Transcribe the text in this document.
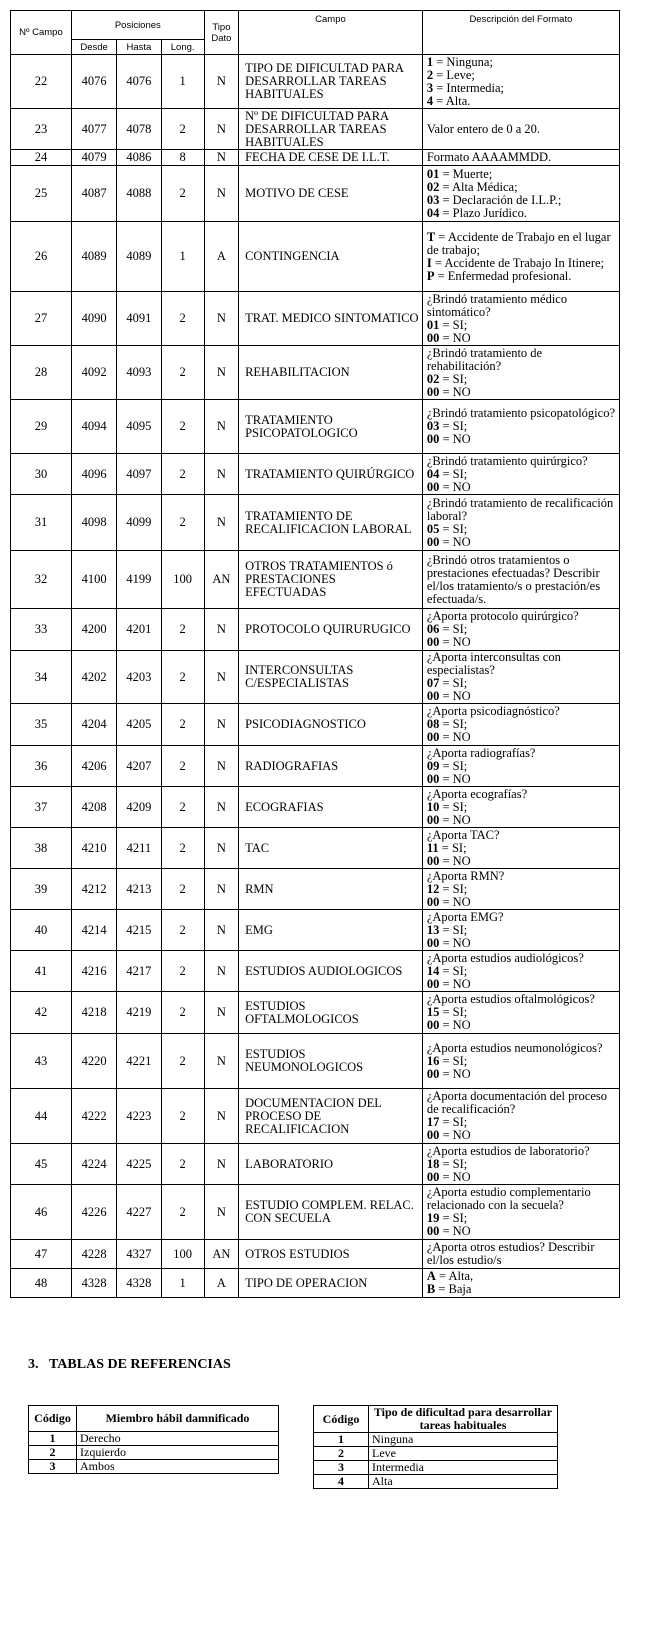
Nº Campo	Posiciones			Tipo Dato	Campo	Descripción del Formato
	Desde	Hasta	Long.			
22	4076	4076	1	N	TIPO DE DIFICULTAD PARA DESARROLLAR TAREAS HABITUALES	1 = Ninguna;
2 = Leve;
3 = Intermedia;
4 = Alta.

23	4077	4078	2	N	Nº DE DIFICULTAD PARA DESARROLLAR TAREAS HABITUALES	Valor entero de 0 a 20.

24	4079	4086	8	N	FECHA DE CESE DE I.L.T.	Formato AAAAMMDD.

25	4087	4088	2	N	MOTIVO DE CESE	01 = Muerte;
02 = Alta Médica;
03 = Declaración de I.L.P.;
04 = Plazo Jurídico.

26	4089	4089	1	A	CONTINGENCIA	T = Accidente de Trabajo en el lugar de trabajo;
I = Accidente de Trabajo In Itinere;
P = Enfermedad profesional.

27	4090	4091	2	N	TRAT. MEDICO SINTOMATICO	¿Brindó tratamiento médico sintomático?
01 = SI;
00 = NO

28	4092	4093	2	N	REHABILITACION	¿Brindó tratamiento de rehabilitación?
02 = SI;
00 = NO

29	4094	4095	2	N	TRATAMIENTO PSICOPATOLOGICO	¿Brindó tratamiento psicopatológico?
03 = SI;
00 = NO

30	4096	4097	2	N	TRATAMIENTO QUIRÚRGICO	¿Brindó tratamiento quirúrgico?
04 = SI;
00 = NO

31	4098	4099	2	N	TRATAMIENTO DE RECALIFICACION LABORAL	¿Brindó tratamiento de recalificación laboral?
05 = SI;
00 = NO

32	4100	4199	100	AN	OTROS TRATAMIENTOS ó PRESTACIONES EFECTUADAS	¿Brindó otros tratamientos o prestaciones efectuadas? Describir el/los tratamiento/s o prestación/es efectuada/s.

33	4200	4201	2	N	PROTOCOLO QUIRURUGICO	¿Aporta protocolo quirúrgico?
06 = SI;
00 = NO

34	4202	4203	2	N	INTERCONSULTAS C/ESPECIALISTAS	¿Aporta interconsultas con especialistas?
07 = SI;
00 = NO

35	4204	4205	2	N	PSICODIAGNOSTICO	¿Aporta psicodiagnóstico?
08 = SI;
00 = NO

36	4206	4207	2	N	RADIOGRAFIAS	¿Aporta radiografías?
09 = SI;
00 = NO

37	4208	4209	2	N	ECOGRAFIAS	¿Aporta ecografías?
10 = SI;
00 = NO

38	4210	4211	2	N	TAC	¿Aporta TAC?
11 = SI;
00 = NO

39	4212	4213	2	N	RMN	¿Aporta RMN?
12 = SI;
00 = NO

40	4214	4215	2	N	EMG	¿Aporta EMG?
13 = SI;
00 = NO

41	4216	4217	2	N	ESTUDIOS AUDIOLOGICOS	¿Aporta estudios audiológicos?
14 = SI;
00 = NO

42	4218	4219	2	N	ESTUDIOS OFTALMOLOGICOS	¿Aporta estudios oftalmológicos?
15 = SI;
00 = NO

43	4220	4221	2	N	ESTUDIOS NEUMONOLOGICOS	¿Aporta estudios neumonológicos?
16 = SI;
00 = NO

44	4222	4223	2	N	DOCUMENTACION DEL PROCESO DE RECALIFICACION	¿Aporta documentación del proceso de recalificación?
17 = SI;
00 = NO

45	4224	4225	2	N	LABORATORIO	¿Aporta estudios de laboratorio?
18 = SI;
00 = NO

46	4226	4227	2	N	ESTUDIO COMPLEM. RELAC. CON SECUELA	¿Aporta estudio complementario relacionado con la secuela?
19 = SI;
00 = NO

47	4228	4327	100	AN	OTROS ESTUDIOS	¿Aporta otros estudios? Describir el/los estudio/s

48	4328	4328	1	A	TIPO DE OPERACION	A = Alta,
B = Baja
3. TABLAS DE REFERENCIAS
Código	Miembro hábil damnificado
1	Derecho
2	Izquierdo
3	Ambos
Código	Tipo de dificultad para desarrollar tareas habituales
1	Ninguna
2	Leve
3	Intermedia
4	Alta
